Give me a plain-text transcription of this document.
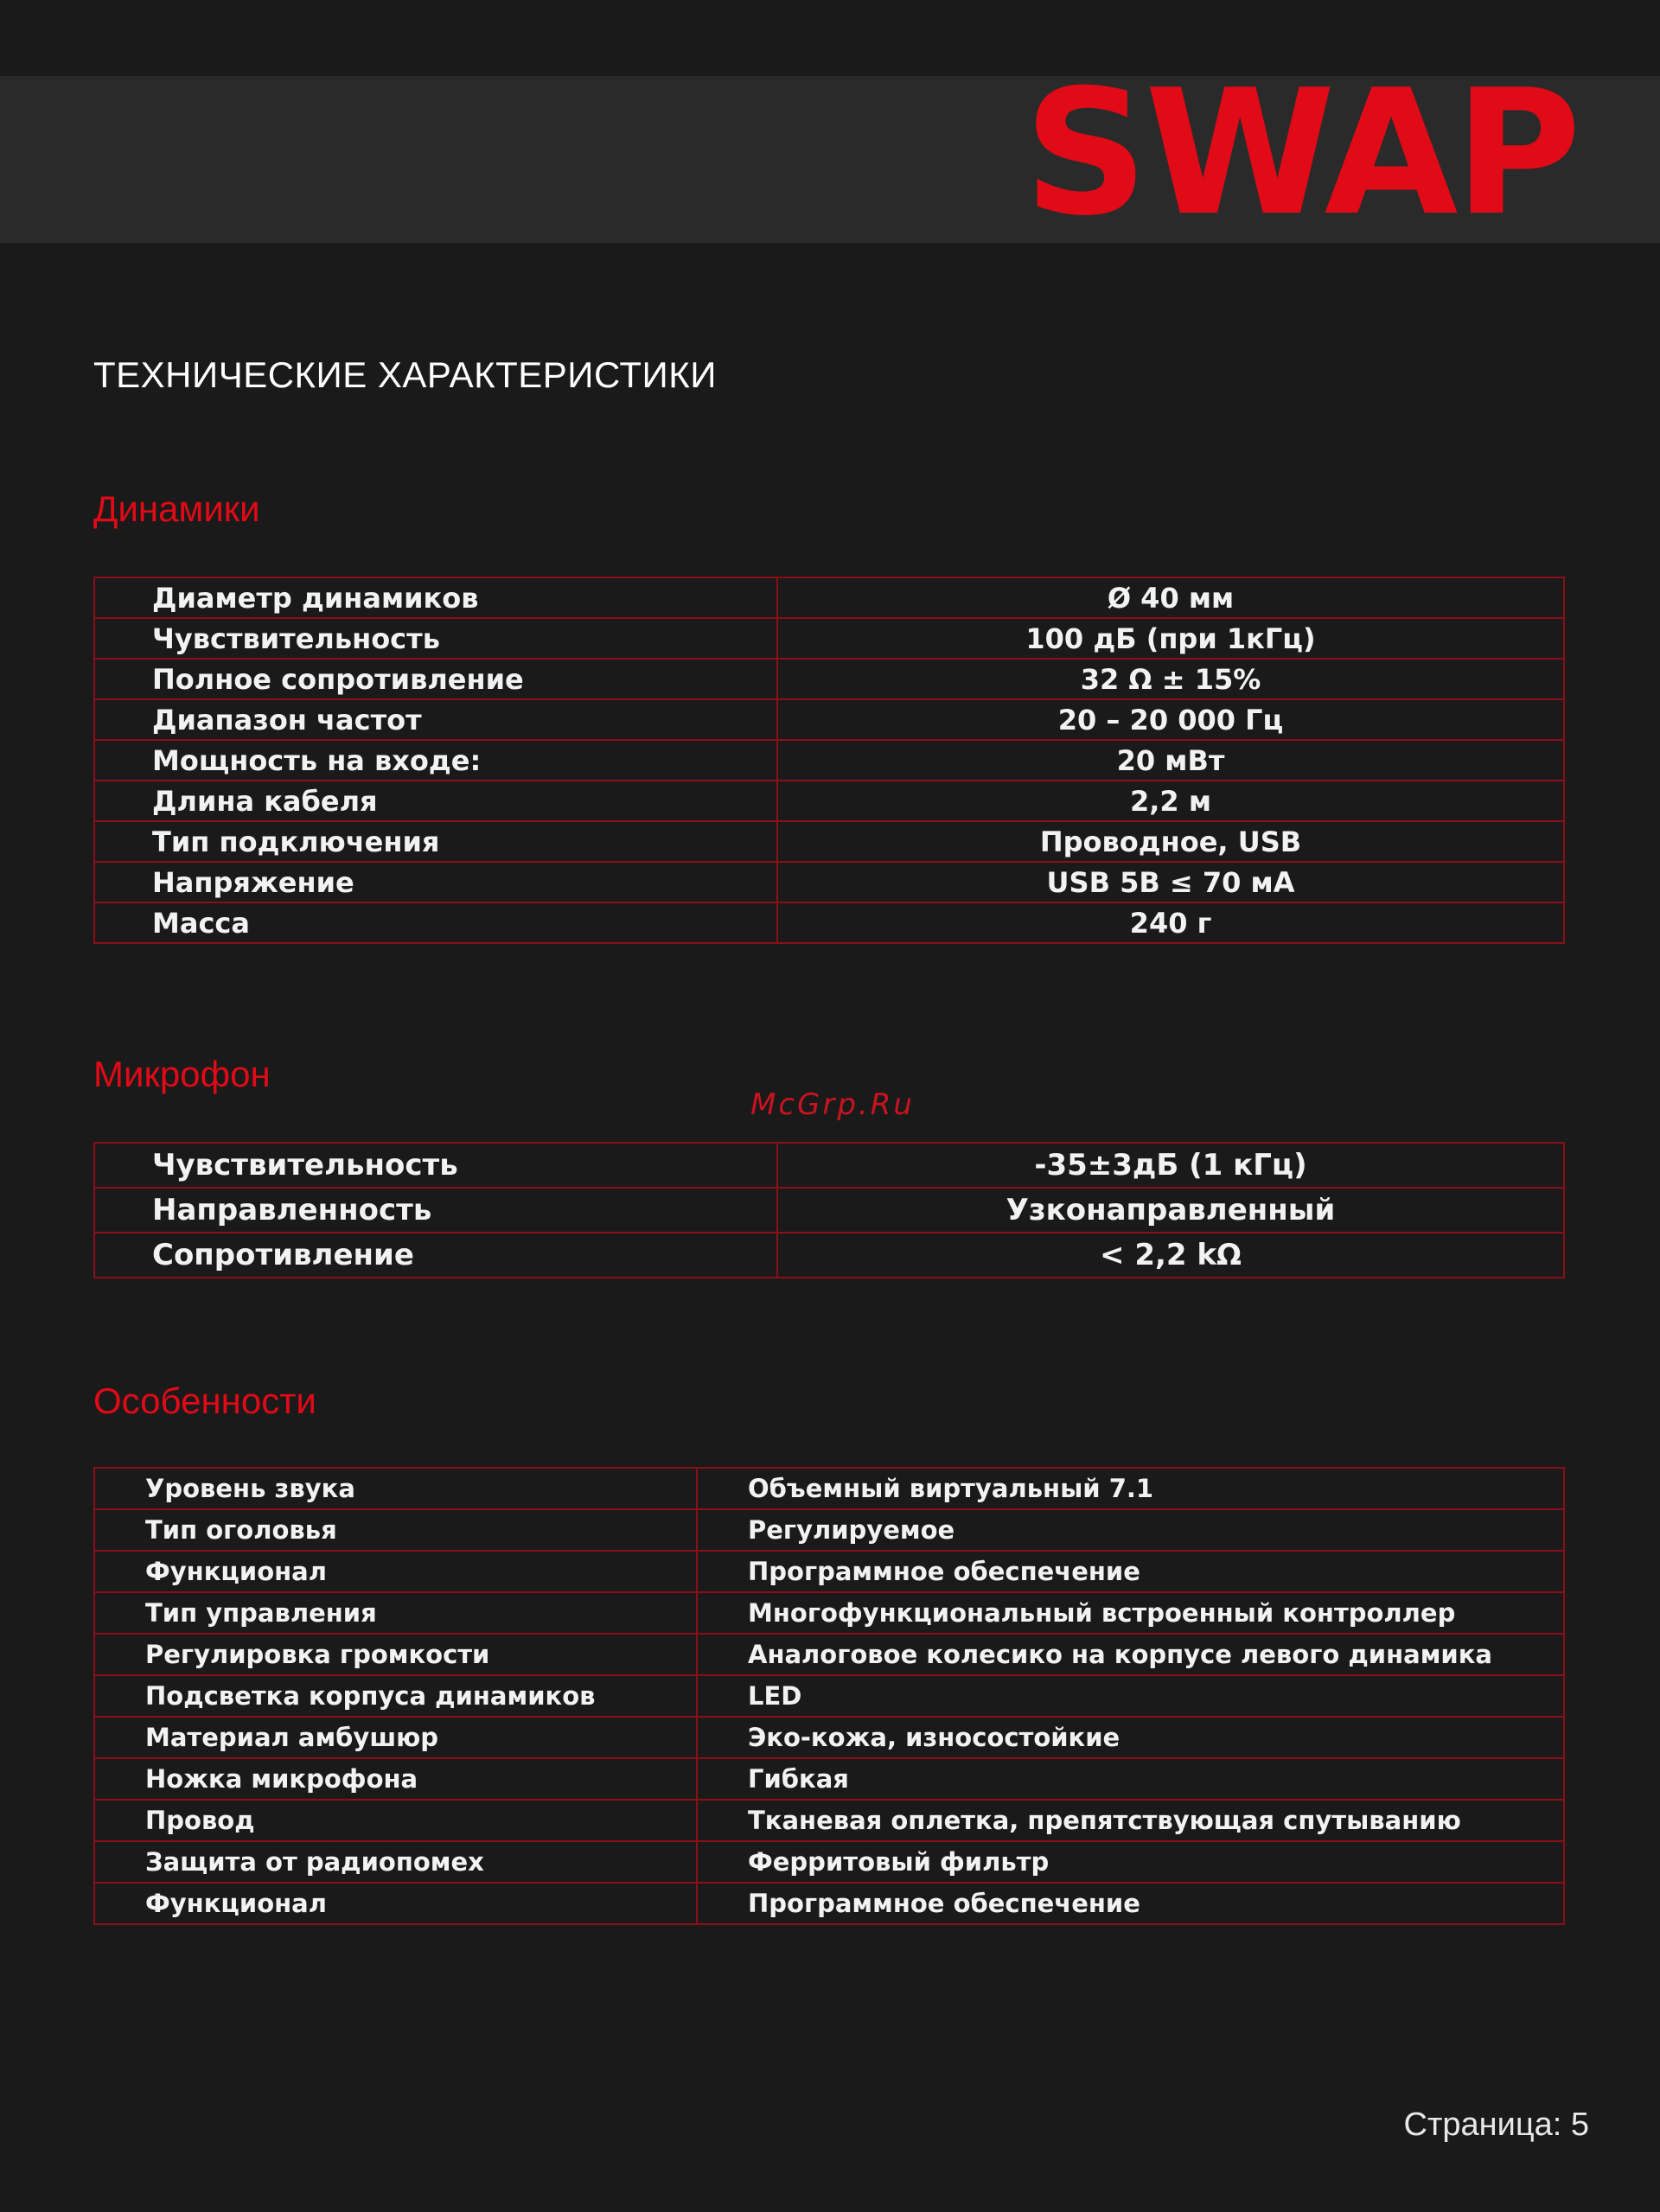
SWAP
ТЕХНИЧЕСКИЕ ХАРАКТЕРИСТИКИ
Динамики
Диаметр динамиков	Ø 40 мм
Чувствительность	100 дБ (при 1кГц)
Полное сопротивление	32 Ω ± 15%
Диапазон частот	20 – 20 000 Гц
Мощность на входе:	20 мВт
Длина кабеля	2,2 м
Тип подключения	Проводное, USB
Напряжение	USB 5В ≤ 70 мА
Масса	240 г
Микрофон
McGrp.Ru
Чувствительность	-35±3дБ (1 кГц)
Направленность	Узконаправленный
Сопротивление	< 2,2 kΩ
Особенности
Уровень звука	Объемный виртуальный 7.1
Тип оголовья	Регулируемое
Функционал	Программное обеспечение
Тип управления	Многофункциональный встроенный контроллер
Регулировка громкости	Аналоговое колесико на корпусе левого динамика
Подсветка корпуса динамиков	LED
Материал амбушюр	Эко-кожа, износостойкие
Ножка микрофона	Гибкая
Провод	Тканевая оплетка, препятствующая спутыванию
Защита от радиопомех	Ферритовый фильтр
Функционал	Программное обеспечение
Страница: 5
